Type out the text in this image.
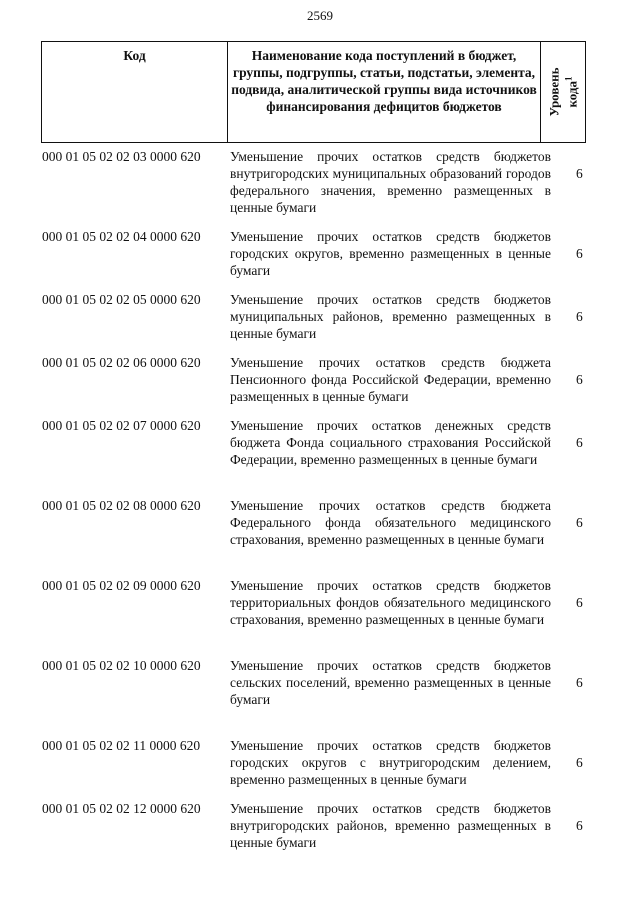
2569
Код	Наименование кода поступлений в бюджет, группы, подгруппы, статьи, подстатьи, элемента, подвида, аналитической группы вида источников финансирования дефицитов бюджетов	Уровень кода$^1$
000 01 05 02 02 03 0000 620 Уменьшение прочих остатков средств бюджетов внутригородских муниципальных образований городов федерального значения, временно размещенных в ценные бумаги
6
000 01 05 02 02 04 0000 620 Уменьшение прочих остатков средств бюджетов городских округов, временно размещенных в ценные бумаги
6
000 01 05 02 02 05 0000 620 Уменьшение прочих остатков средств бюджетов муниципальных районов, временно размещенных в ценные бумаги
6
000 01 05 02 02 06 0000 620 Уменьшение прочих остатков средств бюджета Пенсионного фонда Российской Федерации, временно размещенных в ценные бумаги
6
000 01 05 02 02 07 0000 620 Уменьшение прочих остатков денежных средств бюджета Фонда социального страхования Российской Федерации, временно размещенных в ценные бумаги
6
000 01 05 02 02 08 0000 620 Уменьшение прочих остатков средств бюджета Федерального фонда обязательного медицинского страхования, временно размещенных в ценные бумаги
6
000 01 05 02 02 09 0000 620 Уменьшение прочих остатков средств бюджетов территориальных фондов обязательного медицинского страхования, временно размещенных в ценные бумаги
6
000 01 05 02 02 10 0000 620 Уменьшение прочих остатков средств бюджетов сельских поселений, временно размещенных в ценные бумаги
6
000 01 05 02 02 11 0000 620 Уменьшение прочих остатков средств бюджетов городских округов с внутригородским делением, временно размещенных в ценные бумаги
6
000 01 05 02 02 12 0000 620 Уменьшение прочих остатков средств бюджетов внутригородских районов, временно размещенных в ценные бумаги
6
